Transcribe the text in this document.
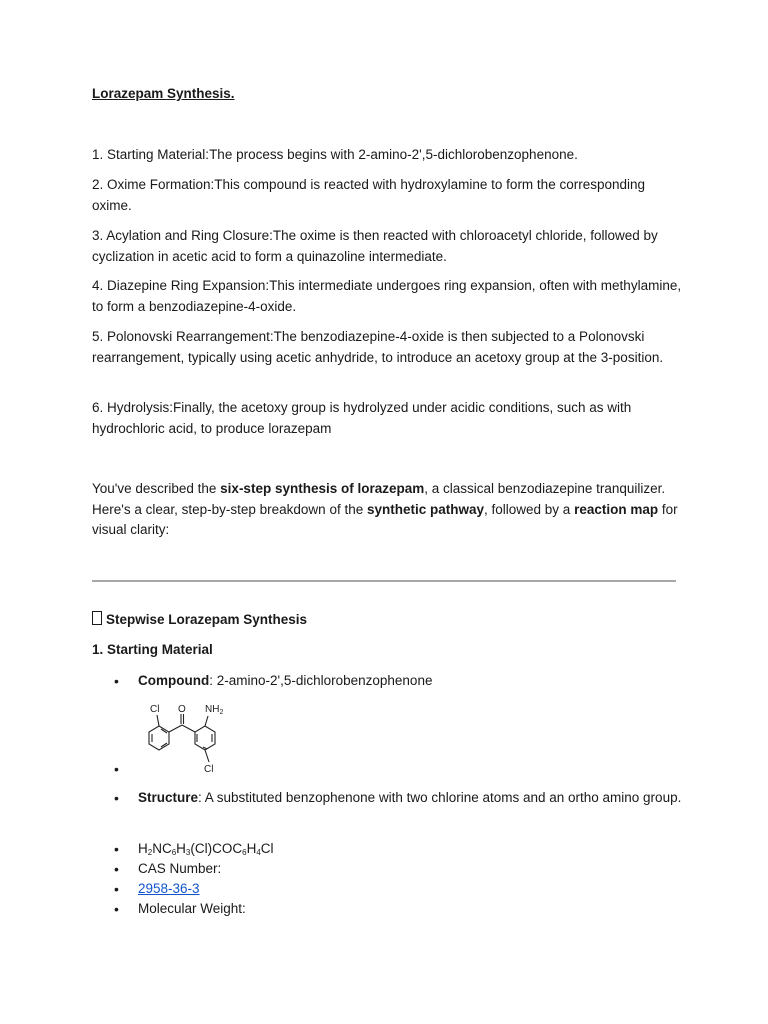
Lorazepam Synthesis.

1. Starting Material:The process begins with 2-amino-2',5-dichlorobenzophenone.

2. Oxime Formation:This compound is reacted with hydroxylamine to form the corresponding oxime.

3. Acylation and Ring Closure:The oxime is then reacted with chloroacetyl chloride, followed by cyclization in acetic acid to form a quinazoline intermediate.

4. Diazepine Ring Expansion:This intermediate undergoes ring expansion, often with methylamine, to form a benzodiazepine-4-oxide.

5. Polonovski Rearrangement:The benzodiazepine-4-oxide is then subjected to a Polonovski rearrangement, typically using acetic anhydride, to introduce an acetoxy group at the 3-position.

6. Hydrolysis:Finally, the acetoxy group is hydrolyzed under acidic conditions, such as with hydrochloric acid, to produce lorazepam

You've described the six-step synthesis of lorazepam, a classical benzodiazepine tranquilizer. Here's a clear, step-by-step breakdown of the synthetic pathway, followed by a reaction map for visual clarity:

Stepwise Lorazepam Synthesis
1. Starting Material
• Compound: 2-amino-2',5-dichlorobenzophenone
Cl O $NH_2$
Cl
•
• Structure: A substituted benzophenone with two chlorine atoms and an ortho amino group.
• $H_2NC_6H_3(Cl)COC_6H_4Cl$
• CAS Number:
• 2958-36-3
• Molecular Weight:
